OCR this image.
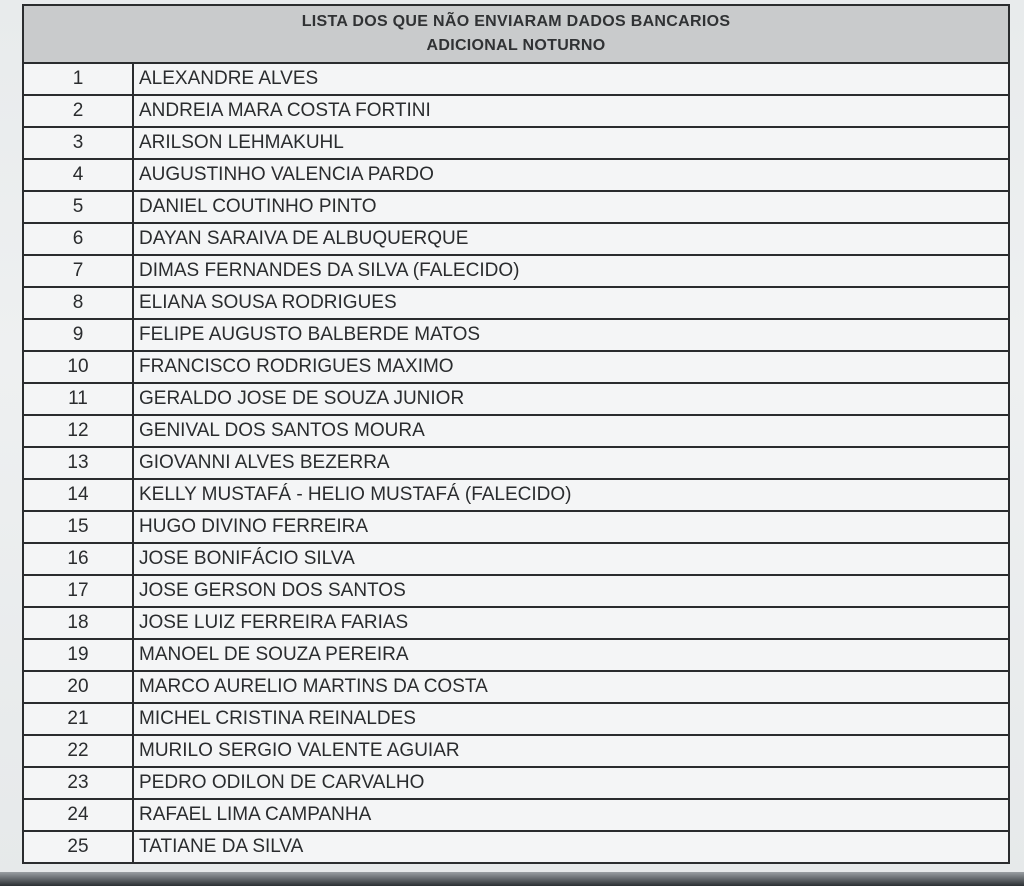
LISTA DOS QUE NÃO ENVIARAM DADOS BANCARIOS
ADICIONAL NOTURNO
1	ALEXANDRE ALVES
2	ANDREIA MARA COSTA FORTINI
3	ARILSON LEHMAKUHL
4	AUGUSTINHO VALENCIA PARDO
5	DANIEL COUTINHO PINTO
6	DAYAN SARAIVA DE ALBUQUERQUE
7	DIMAS FERNANDES DA SILVA (FALECIDO)
8	ELIANA SOUSA RODRIGUES
9	FELIPE AUGUSTO BALBERDE MATOS
10	FRANCISCO RODRIGUES MAXIMO
11	GERALDO JOSE DE SOUZA JUNIOR
12	GENIVAL DOS SANTOS MOURA
13	GIOVANNI ALVES BEZERRA
14	KELLY MUSTAFÁ - HELIO MUSTAFÁ (FALECIDO)
15	HUGO DIVINO FERREIRA
16	JOSE BONIFÁCIO SILVA
17	JOSE GERSON DOS SANTOS
18	JOSE LUIZ FERREIRA FARIAS
19	MANOEL DE SOUZA PEREIRA
20	MARCO AURELIO MARTINS DA COSTA
21	MICHEL CRISTINA REINALDES
22	MURILO SERGIO VALENTE AGUIAR
23	PEDRO ODILON DE CARVALHO
24	RAFAEL LIMA CAMPANHA
25	TATIANE DA SILVA
